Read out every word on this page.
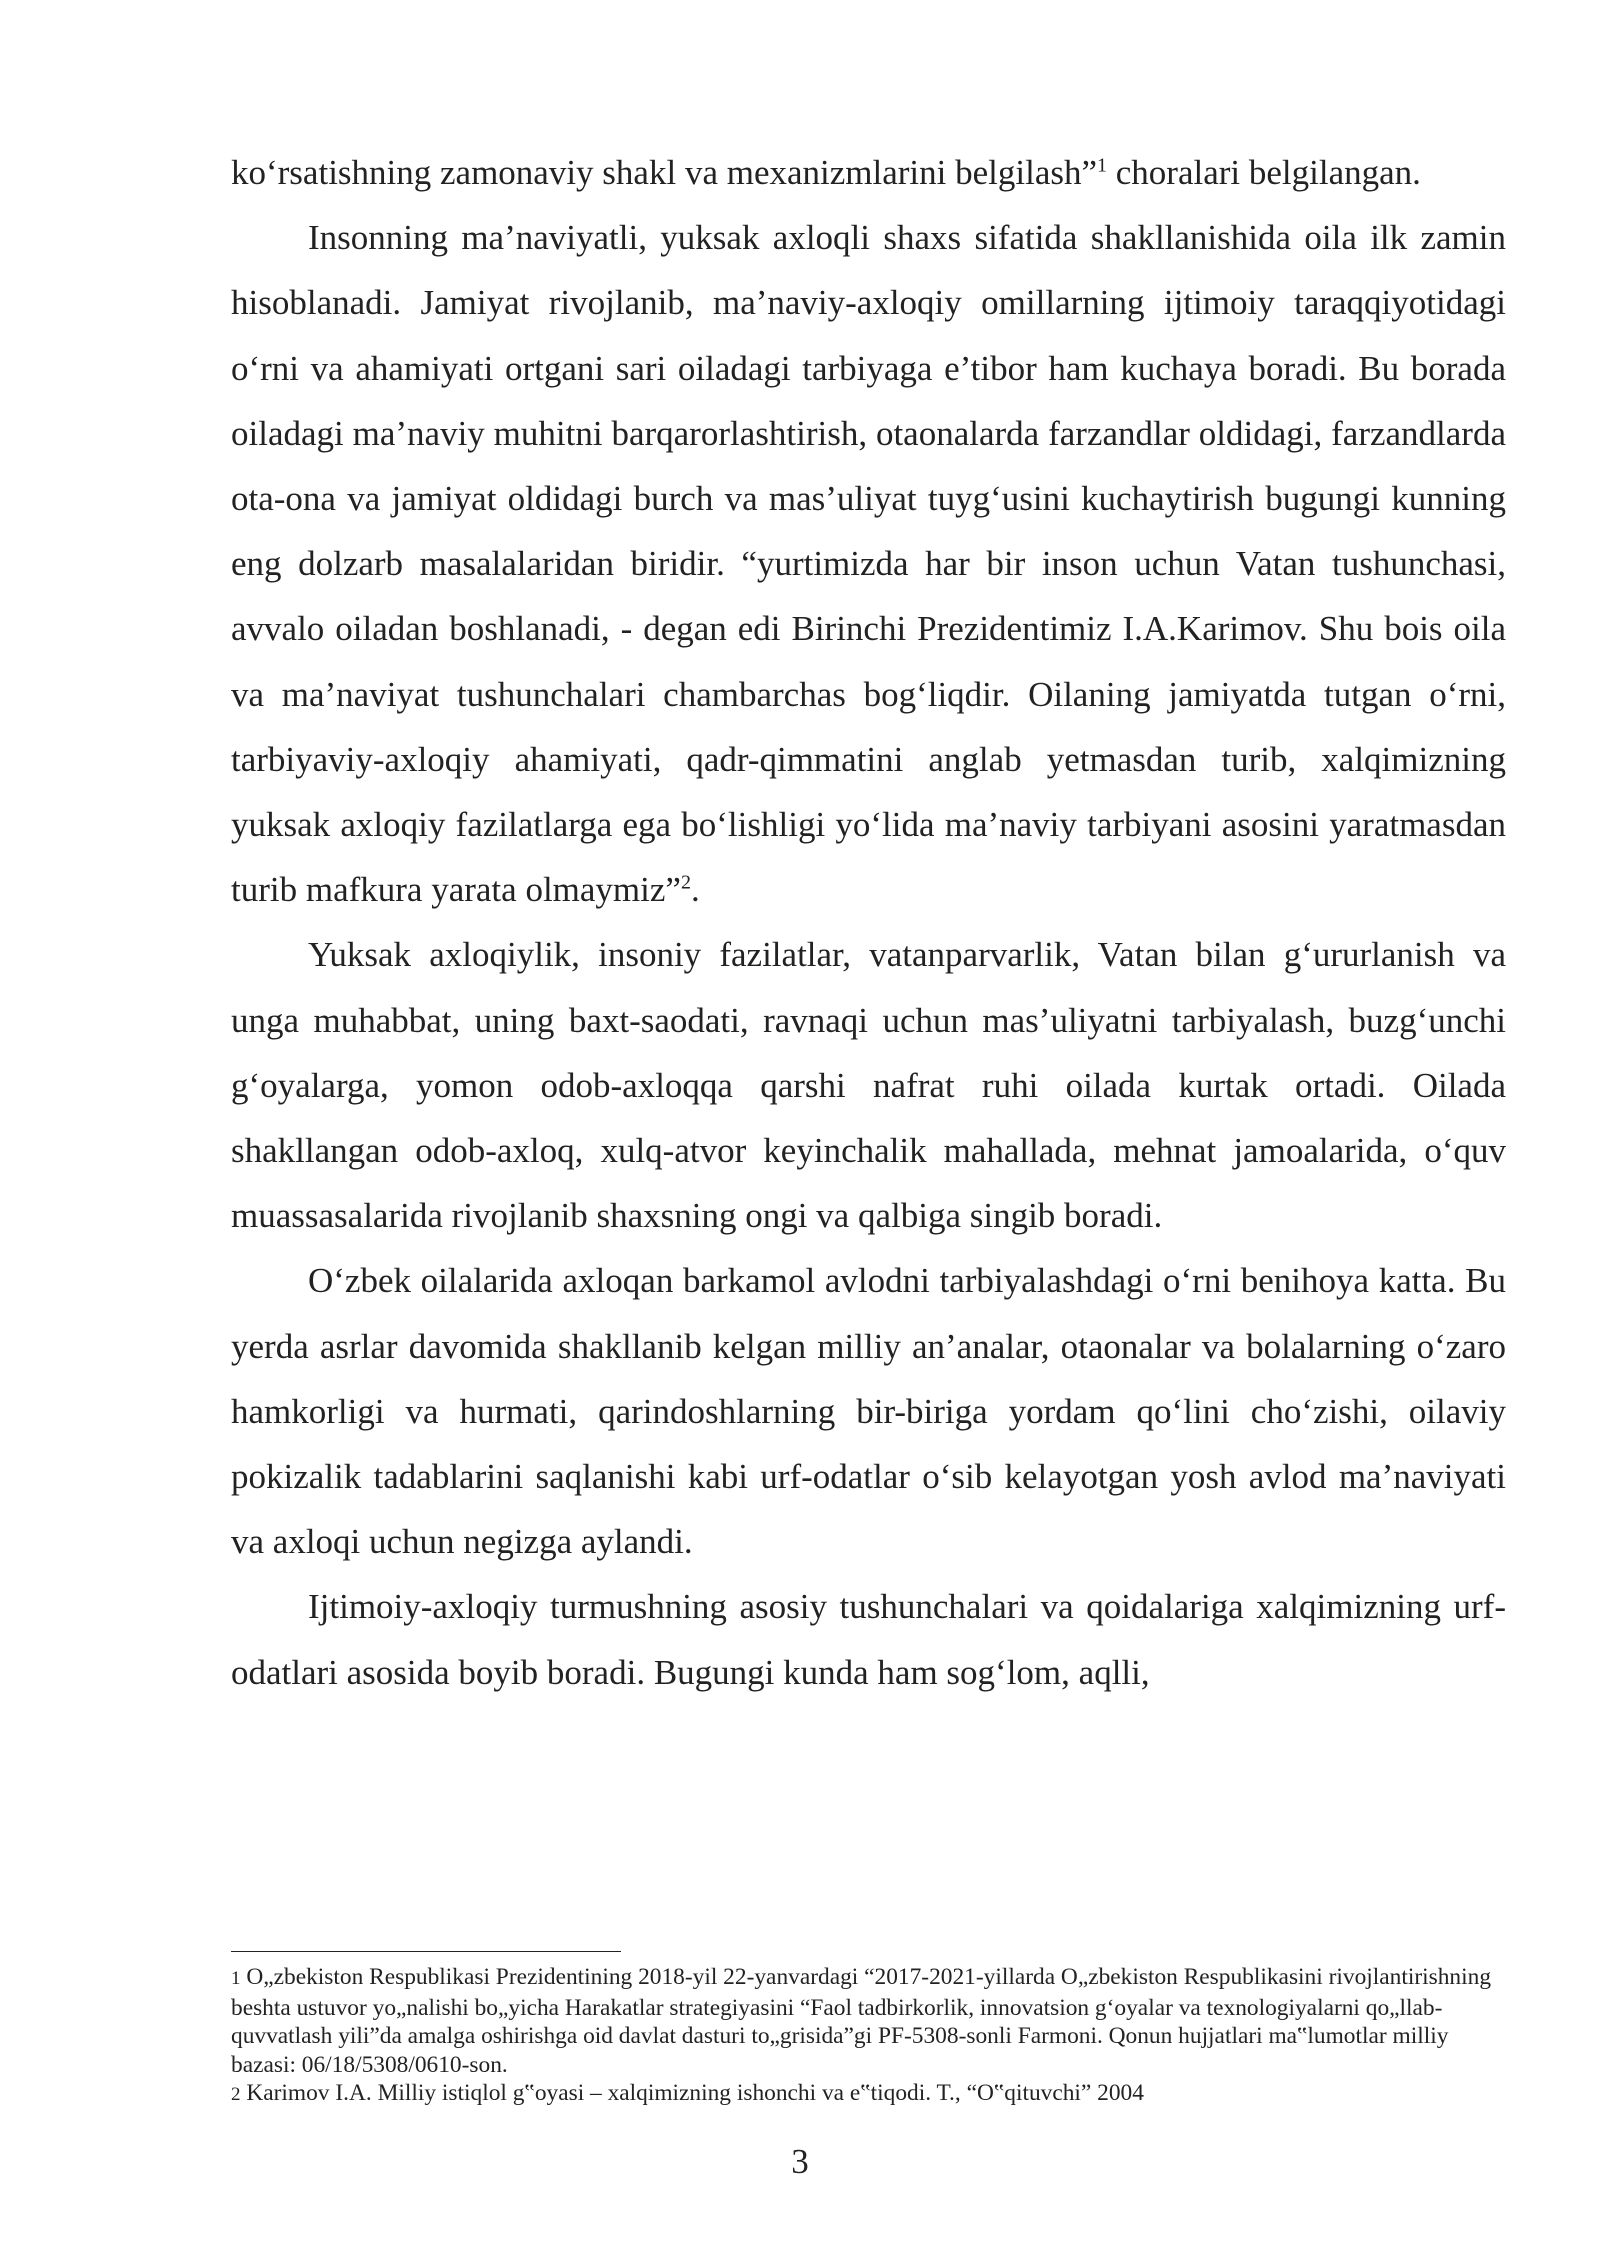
ko‘rsatishning zamonaviy shakl va mexanizmlarini belgilash”$^1$ choralari belgilangan.

Insonning ma’naviyatli, yuksak axloqli shaxs sifatida shakllanishida oila ilk zamin hisoblanadi. Jamiyat rivojlanib, ma’naviy-axloqiy omillarning ijtimoiy taraqqiyotidagi o‘rni va ahamiyati ortgani sari oiladagi tarbiyaga e’tibor ham kuchaya boradi. Bu borada oiladagi ma’naviy muhitni barqarorlashtirish, otaonalarda farzandlar oldidagi, farzandlarda ota-ona va jamiyat oldidagi burch va mas’uliyat tuyg‘usini kuchaytirish bugungi kunning eng dolzarb masalalaridan biridir. “yurtimizda har bir inson uchun Vatan tushunchasi, avvalo oiladan boshlanadi, - degan edi Birinchi Prezidentimiz I.A.Karimov. Shu bois oila va ma’naviyat tushunchalari chambarchas bog‘liqdir. Oilaning jamiyatda tutgan o‘rni, tarbiyaviy-axloqiy ahamiyati, qadr-qimmatini anglab yetmasdan turib, xalqimizning yuksak axloqiy fazilatlarga ega bo‘lishligi yo‘lida ma’naviy tarbiyani asosini yaratmasdan turib mafkura yarata olmaymiz”$^2$.

Yuksak axloqiylik, insoniy fazilatlar, vatanparvarlik, Vatan bilan g‘ururlanish va unga muhabbat, uning baxt-saodati, ravnaqi uchun mas’uliyatni tarbiyalash, buzg‘unchi g‘oyalarga, yomon odob-axloqqa qarshi nafrat ruhi oilada kurtak ortadi. Oilada shakllangan odob-axloq, xulq-atvor keyinchalik mahallada, mehnat jamoalarida, o‘quv muassasalarida rivojlanib shaxsning ongi va qalbiga singib boradi.

O‘zbek oilalarida axloqan barkamol avlodni tarbiyalashdagi o‘rni benihoya katta. Bu yerda asrlar davomida shakllanib kelgan milliy an’analar, otaonalar va bolalarning o‘zaro hamkorligi va hurmati, qarindoshlarning bir-biriga yordam qo‘lini cho‘zishi, oilaviy pokizalik tadablarini saqlanishi kabi urf-odatlar o‘sib kelayotgan yosh avlod ma’naviyati va axloqi uchun negizga aylandi.

Ijtimoiy-axloqiy turmushning asosiy tushunchalari va qoidalariga xalqimizning urf-odatlari asosida boyib boradi. Bugungi kunda ham sog‘lom, aqlli,

1 O„zbekiston Respublikasi Prezidentining 2018-yil 22-yanvardagi “2017-2021-yillarda O„zbekiston Respublikasini rivojlantirishning beshta ustuvor yo„nalishi bo„yicha Harakatlar strategiyasini “Faol tadbirkorlik, innovatsion g‘oyalar va texnologiyalarni qo„llab-quvvatlash yili”da amalga oshirishga oid davlat dasturi to„grisida”gi PF-5308-sonli Farmoni. Qonun hujjatlari ma‟lumotlar milliy bazasi: 06/18/5308/0610-son.

2 Karimov I.A. Milliy istiqlol g‟oyasi – xalqimizning ishonchi va e‟tiqodi. T., “O‟qituvchi” 2004

3
